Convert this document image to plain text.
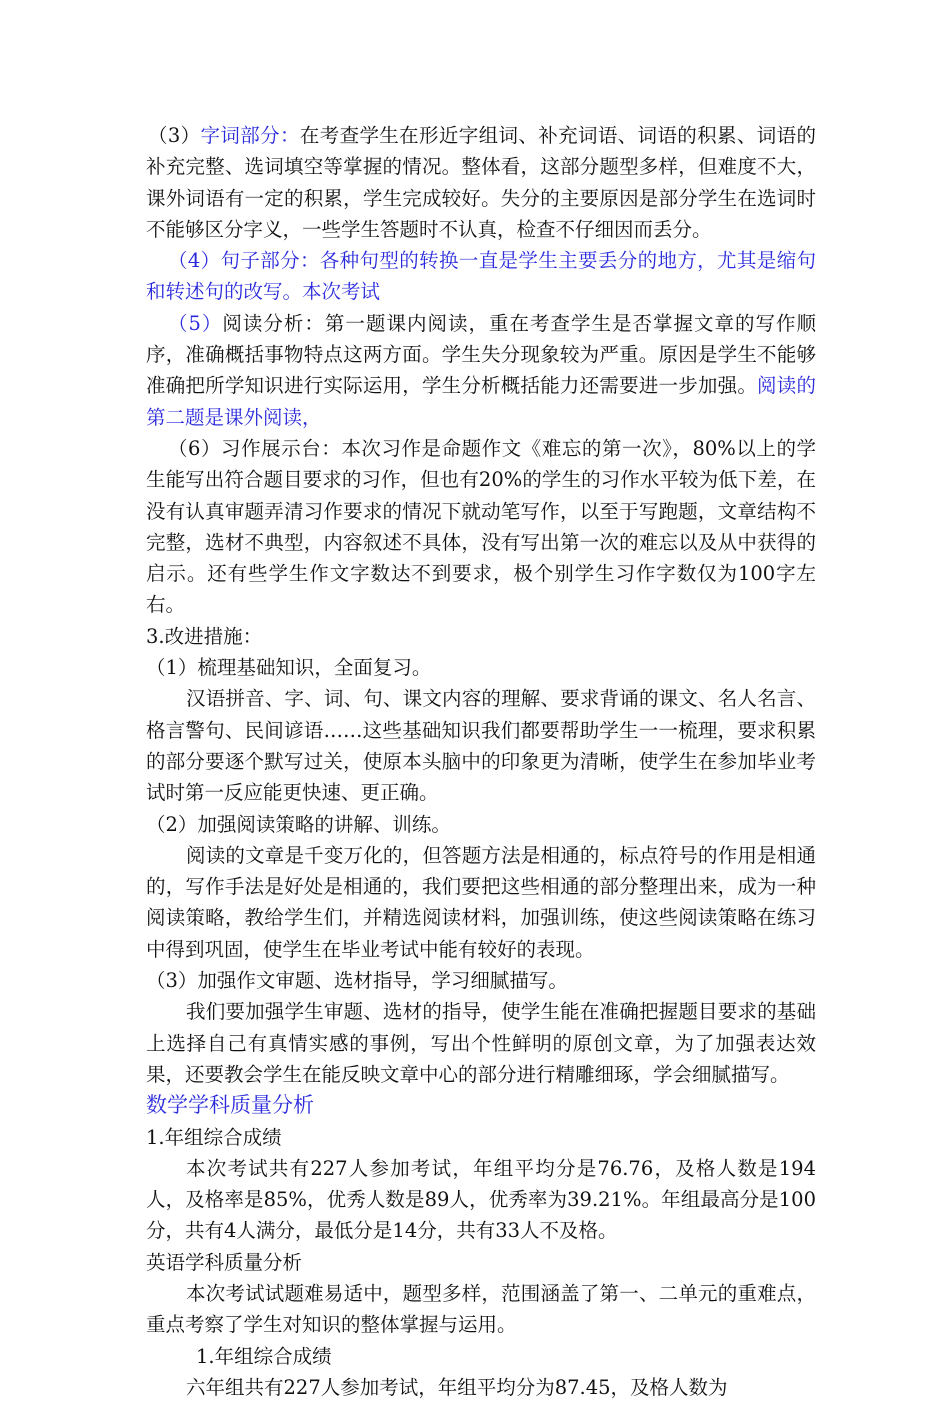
（3）字词部分：在考查学生在形近字组词、补充词语、词语的积累、词语的补充完整、选词填空等掌握的情况。整体看，这部分题型多样，但难度不大，课外词语有一定的积累，学生完成较好。失分的主要原因是部分学生在选词时不能够区分字义，一些学生答题时不认真，检查不仔细因而丢分。

（4）句子部分：各种句型的转换一直是学生主要丢分的地方，尤其是缩句和转述句的改写。本次考试

（5）阅读分析：第一题课内阅读，重在考查学生是否掌握文章的写作顺序，准确概括事物特点这两方面。学生失分现象较为严重。原因是学生不能够准确把所学知识进行实际运用，学生分析概括能力还需要进一步加强。阅读的第二题是课外阅读，

（6）习作展示台：本次习作是命题作文《难忘的第一次》，80%以上的学生能写出符合题目要求的习作，但也有20%的学生的习作水平较为低下差，在没有认真审题弄清习作要求的情况下就动笔写作，以至于写跑题，文章结构不完整，选材不典型，内容叙述不具体，没有写出第一次的难忘以及从中获得的启示。还有些学生作文字数达不到要求，极个别学生习作字数仅为100字左右。

3.改进措施：

（1）梳理基础知识，全面复习。

汉语拼音、字、词、句、课文内容的理解、要求背诵的课文、名人名言、格言警句、民间谚语……这些基础知识我们都要帮助学生一一梳理，要求积累的部分要逐个默写过关，使原本头脑中的印象更为清晰，使学生在参加毕业考试时第一反应能更快速、更正确。

（2）加强阅读策略的讲解、训练。

阅读的文章是千变万化的，但答题方法是相通的，标点符号的作用是相通的，写作手法是好处是相通的，我们要把这些相通的部分整理出来，成为一种阅读策略，教给学生们，并精选阅读材料，加强训练，使这些阅读策略在练习中得到巩固，使学生在毕业考试中能有较好的表现。

（3）加强作文审题、选材指导，学习细腻描写。

我们要加强学生审题、选材的指导，使学生能在准确把握题目要求的基础上选择自己有真情实感的事例，写出个性鲜明的原创文章，为了加强表达效果，还要教会学生在能反映文章中心的部分进行精雕细琢，学会细腻描写。

数学学科质量分析

1.年组综合成绩

本次考试共有227人参加考试，年组平均分是76.76，及格人数是194人，及格率是85%，优秀人数是89人，优秀率为39.21%。年组最高分是100分，共有4人满分，最低分是14分，共有33人不及格。

英语学科质量分析

本次考试试题难易适中，题型多样，范围涵盖了第一、二单元的重难点，重点考察了学生对知识的整体掌握与运用。

1.年组综合成绩

六年组共有227人参加考试，年组平均分为87.45，及格人数为
